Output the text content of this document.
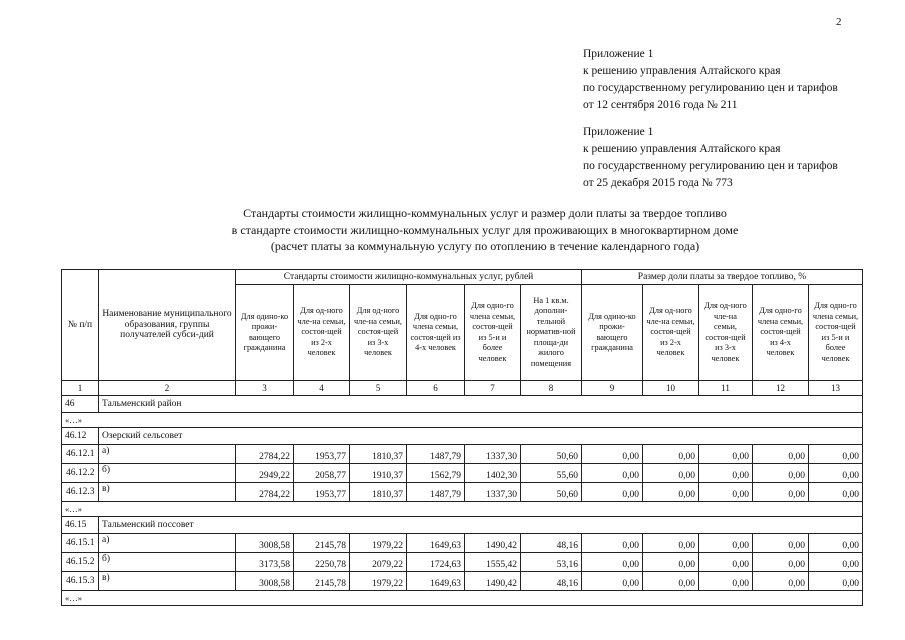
2
Приложение 1
к решению управления Алтайского края
по государственному регулированию цен и тарифов
от 12 сентября 2016 года № 211
Приложение 1
к решению управления Алтайского края
по государственному регулированию цен и тарифов
от 25 декабря 2015 года № 773
Стандарты стоимости жилищно-коммунальных услуг и размер доли платы за твердое топливо
в стандарте стоимости жилищно-коммунальных услуг для проживающих в многоквартирном доме
(расчет платы за коммунальную услугу по отоплению в течение календарного года)
№ п/п	Наименование муниципального образования, группы получателей субси-дий	Стандарты стоимости жилищно-коммунальных услуг, рублей						Размер доли платы за твердое топливо, %				
		Для одино-ко прожи-вающего гражданина	Для од-ного чле-на семьи, состоя-щей из 2-х человек	Для од-ного чле-на семьи, состоя-щей из 3-х человек	Для одно-го члена семьи, состоя-щей из 4-х человек	Для одно-го члена семьи, состоя-щей из 5-и и более человек	На 1 кв.м. дополни-тельной норматив-ной площа-ди жилого помещения	Для одино-ко прожи-вающего гражданина	Для од-ного чле-на семьи, состоя-щей из 2-х человек	Для од-ного чле-на семьи, состоя-щей из 3-х человек	Для одно-го члена семьи, состоя-щей из 4-х человек	Для одно-го члена семьи, состоя-щей из 5-и и более человек
1	2	3	4	5	6	7	8	9	10	11	12	13
46	Тальменский район											
«…»												
46.12	Озерский сельсовет											
46.12.1	а)	2784,22	1953,77	1810,37	1487,79	1337,30	50,60	0,00	0,00	0,00	0,00	0,00
46.12.2	б)	2949,22	2058,77	1910,37	1562,79	1402,30	55,60	0,00	0,00	0,00	0,00	0,00
46.12.3	в)	2784,22	1953,77	1810,37	1487,79	1337,30	50,60	0,00	0,00	0,00	0,00	0,00
«…»												
46.15	Тальменский поссовет											
46.15.1	а)	3008,58	2145,78	1979,22	1649,63	1490,42	48,16	0,00	0,00	0,00	0,00	0,00
46.15.2	б)	3173,58	2250,78	2079,22	1724,63	1555,42	53,16	0,00	0,00	0,00	0,00	0,00
46.15.3	в)	3008,58	2145,78	1979,22	1649,63	1490,42	48,16	0,00	0,00	0,00	0,00	0,00
«…»												
